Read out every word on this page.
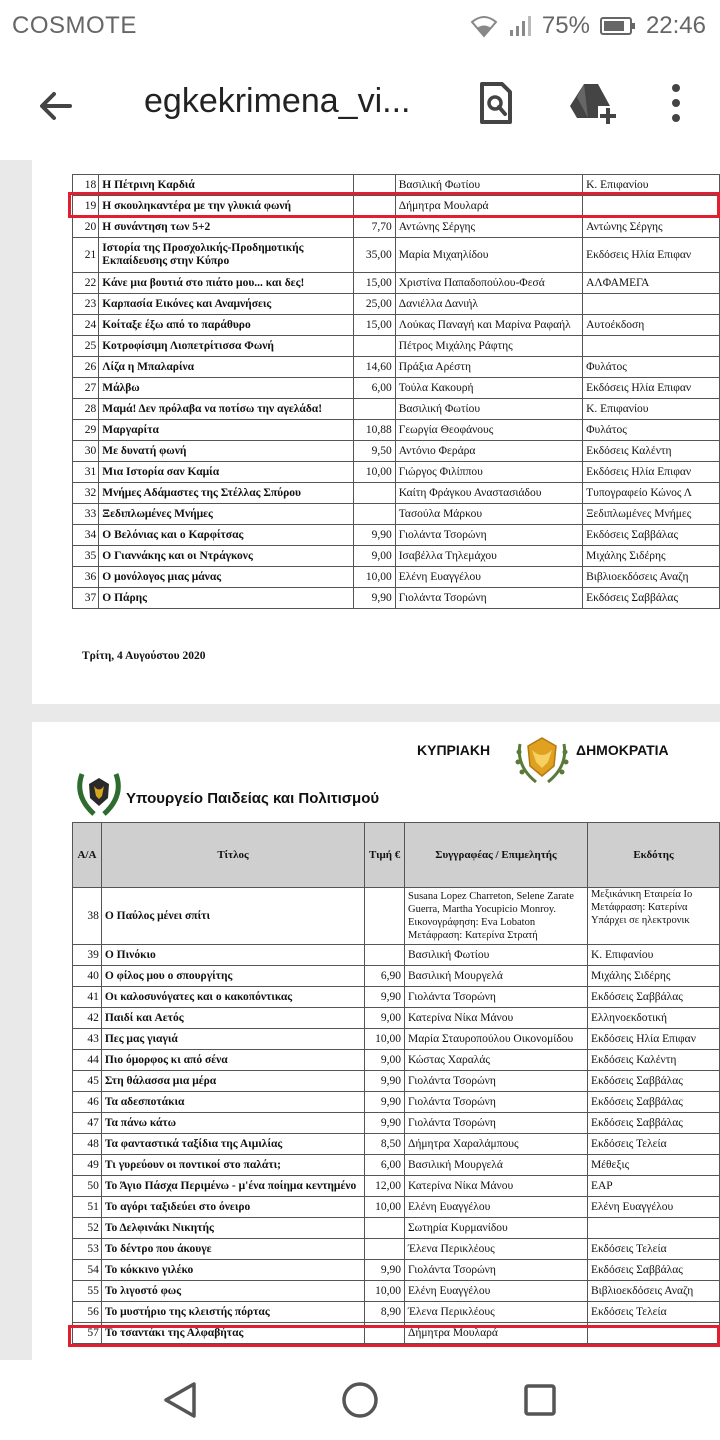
COSMOTE	75% 22:46
egkekrimena_vi...
18	Η Πέτρινη Καρδιά		Βασιλική Φωτίου	Κ. Επιφανίου
19	Η σκουληκαντέρα με την γλυκιά φωνή		Δήμητρα Μουλαρά	
20	Η συνάντηση των 5+2	7,70	Αντώνης Σέργης	Αντώνης Σέργης
21	Ιστορία της Προσχολικής-Προδημοτικής Εκπαίδευσης στην Κύπρο	35,00	Μαρία Μιχαηλίδου	Εκδόσεις Ηλία Επιφαν
22	Κάνε μια βουτιά στο πιάτο μου... και δες!	15,00	Χριστίνα Παπαδοπούλου-Φεσά	ΑΛΦΑΜΕΓΑ
23	Καρπασία Εικόνες και Αναμνήσεις	25,00	Δανιέλλα Δανιήλ	
24	Κοίταξε έξω από το παράθυρο	15,00	Λούκας Παναγή και Μαρίνα Ραφαήλ	Αυτοέκδοση
25	Κοτροφίσιμη Λιοπετρίτισσα Φωνή		Πέτρος Μιχάλης Ράφτης	
26	Λίζα η Μπαλαρίνα	14,60	Πράξια Αρέστη	Φυλάτος
27	Μάλβω	6,00	Τούλα Κακουρή	Εκδόσεις Ηλία Επιφαν
28	Μαμά! Δεν πρόλαβα να ποτίσω την αγελάδα!		Βασιλική Φωτίου	Κ. Επιφανίου
29	Μαργαρίτα	10,88	Γεωργία Θεοφάνους	Φυλάτος
30	Με δυνατή φωνή	9,50	Αντόνιο Φεράρα	Εκδόσεις Καλέντη
31	Μια Ιστορία σαν Καμία	10,00	Γιώργος Φιλίππου	Εκδόσεις Ηλία Επιφαν
32	Μνήμες Αδάμαστες της Στέλλας Σπύρου		Καίτη Φράγκου Αναστασιάδου	Τυπογραφείο Κώνος Λ
33	Ξεδιπλωμένες Μνήμες		Τασούλα Μάρκου	Ξεδιπλωμένες Μνήμες
34	Ο Βελόνιας και ο Καρφίτσας	9,90	Γιολάντα Τσορώνη	Εκδόσεις Σαββάλας
35	Ο Γιαννάκης και οι Ντράγκονς	9,00	Ισαβέλλα Τηλεμάχου	Μιχάλης Σιδέρης
36	Ο μονόλογος μιας μάνας	10,00	Ελένη Ευαγγέλου	Βιβλιοεκδόσεις Αναζη
37	Ο Πάρης	9,90	Γιολάντα Τσορώνη	Εκδόσεις Σαββάλας
Τρίτη, 4 Αυγούστου 2020
ΚΥΠΡΙΑΚΗ	ΔΗΜΟΚΡΑΤΙΑ
Υπουργείο Παιδείας και Πολιτισμού
Α/Α	Τίτλος	Τιμή €	Συγγραφέας / Επιμελητής	Εκδότης
38	Ο Παύλος μένει σπίτι		Susana Lopez Charreton, Selene Zarate Guerra, Martha Yocupicio Monroy. Εικονογράφηση: Eva Lobaton Μετάφραση: Κατερίνα Στρατή	Μεξικάνικη Εταιρεία Ιο Μετάφραση: Κατερίνα Υπάρχει σε ηλεκτρονικ
39	Ο Πινόκιο		Βασιλική Φωτίου	Κ. Επιφανίου
40	Ο φίλος μου ο σπουργίτης	6,90	Βασιλική Μουργελά	Μιχάλης Σιδέρης
41	Οι καλοσυνόγατες και ο κακοπόντικας	9,90	Γιολάντα Τσορώνη	Εκδόσεις Σαββάλας
42	Παιδί και Αετός	9,00	Κατερίνα Νίκα Μάνου	Ελληνοεκδοτική
43	Πες μας γιαγιά	10,00	Μαρία Σταυροπούλου Οικονομίδου	Εκδόσεις Ηλία Επιφαν
44	Πιο όμορφος κι από σένα	9,00	Κώστας Χαραλάς	Εκδόσεις Καλέντη
45	Στη θάλασσα μια μέρα	9,90	Γιολάντα Τσορώνη	Εκδόσεις Σαββάλας
46	Τα αδεσποτάκια	9,90	Γιολάντα Τσορώνη	Εκδόσεις Σαββάλας
47	Τα πάνω κάτω	9,90	Γιολάντα Τσορώνη	Εκδόσεις Σαββάλας
48	Τα φανταστικά ταξίδια της Αιμιλίας	8,50	Δήμητρα Χαραλάμπους	Εκδόσεις Τελεία
49	Τι γυρεύουν οι ποντικοί στο παλάτι;	6,00	Βασιλική Μουργελά	Μέθεξις
50	Το Άγιο Πάσχα Περιμένω - μ'ένα ποίημα κεντημένο	12,00	Κατερίνα Νίκα Μάνου	ΕΑΡ
51	Το αγόρι ταξιδεύει στο όνειρο	10,00	Ελένη Ευαγγέλου	Ελένη Ευαγγέλου
52	Το Δελφινάκι Νικητής		Σωτηρία Κυρμανίδου	
53	Το δέντρο που άκουγε		Έλενα Περικλέους	Εκδόσεις Τελεία
54	Το κόκκινο γιλέκο	9,90	Γιολάντα Τσορώνη	Εκδόσεις Σαββάλας
55	Το λιγοστό φως	10,00	Ελένη Ευαγγέλου	Βιβλιοεκδόσεις Αναζη
56	Το μυστήριο της κλειστής πόρτας	8,90	Έλενα Περικλέους	Εκδόσεις Τελεία
57	Το τσαντάκι της Αλφαβήτας		Δήμητρα Μουλαρά	
